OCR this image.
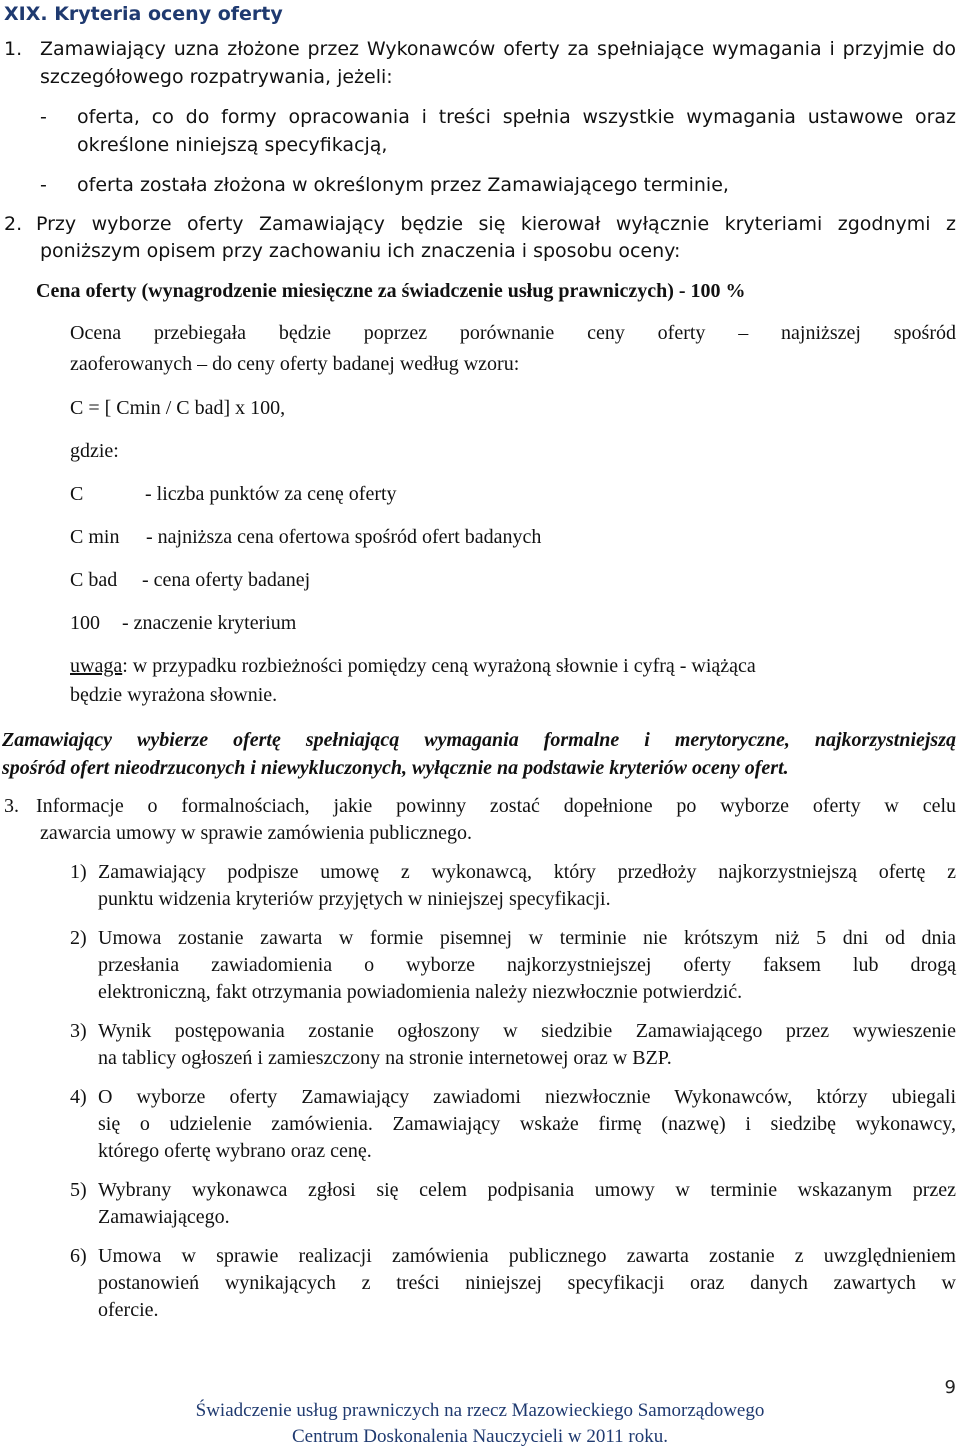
XIX. Kryteria oceny oferty
1. Zamawiający uzna złożone przez Wykonawców oferty za spełniające wymagania i przyjmie do
szczegółowego rozpatrywania, jeżeli:
- oferta, co do formy opracowania i treści spełnia wszystkie wymagania ustawowe oraz
określone niniejszą specyfikacją,
- oferta została złożona w określonym przez Zamawiającego terminie,
2. Przy wyborze oferty Zamawiający będzie się kierował wyłącznie kryteriami zgodnymi z
poniższym opisem przy zachowaniu ich znaczenia i sposobu oceny:
Cena oferty (wynagrodzenie miesięczne za świadczenie usług prawniczych) - 100 %
Ocena przebiegała będzie poprzez porównanie ceny oferty – najniższej spośród
zaoferowanych – do ceny oferty badanej według wzoru:
C = [ Cmin / C bad] x 100,
gdzie:
C	- liczba punktów za cenę oferty
C min - najniższa cena ofertowa spośród ofert badanych
C bad - cena oferty badanej
100 - znaczenie kryterium
uwaga: w przypadku rozbieżności pomiędzy ceną wyrażoną słownie i cyfrą - wiążąca
będzie wyrażona słownie.
Zamawiający wybierze ofertę spełniającą wymagania formalne i merytoryczne, najkorzystniejszą
spośród ofert nieodrzuconych i niewykluczonych, wyłącznie na podstawie kryteriów oceny ofert.
3. Informacje o formalnościach, jakie powinny zostać dopełnione po wyborze oferty w celu
zawarcia umowy w sprawie zamówienia publicznego.
1) Zamawiający podpisze umowę z wykonawcą, który przedłoży najkorzystniejszą ofertę z
punktu widzenia kryteriów przyjętych w niniejszej specyfikacji.
2) Umowa zostanie zawarta w formie pisemnej w terminie nie krótszym niż 5 dni od dnia
przesłania zawiadomienia o wyborze najkorzystniejszej oferty faksem lub drogą
elektroniczną, fakt otrzymania powiadomienia należy niezwłocznie potwierdzić.
3) Wynik postępowania zostanie ogłoszony w siedzibie Zamawiającego przez wywieszenie
na tablicy ogłoszeń i zamieszczony na stronie internetowej oraz w BZP.
4) O wyborze oferty Zamawiający zawiadomi niezwłocznie Wykonawców, którzy ubiegali
się o udzielenie zamówienia. Zamawiający wskaże firmę (nazwę) i siedzibę wykonawcy,
którego ofertę wybrano oraz cenę.
5) Wybrany wykonawca zgłosi się celem podpisania umowy w terminie wskazanym przez
Zamawiającego.
6) Umowa w sprawie realizacji zamówienia publicznego zawarta zostanie z uwzględnieniem
postanowień wynikających z treści niniejszej specyfikacji oraz danych zawartych w
ofercie.
9
Świadczenie usług prawniczych na rzecz Mazowieckiego Samorządowego
Centrum Doskonalenia Nauczycieli w 2011 roku.
